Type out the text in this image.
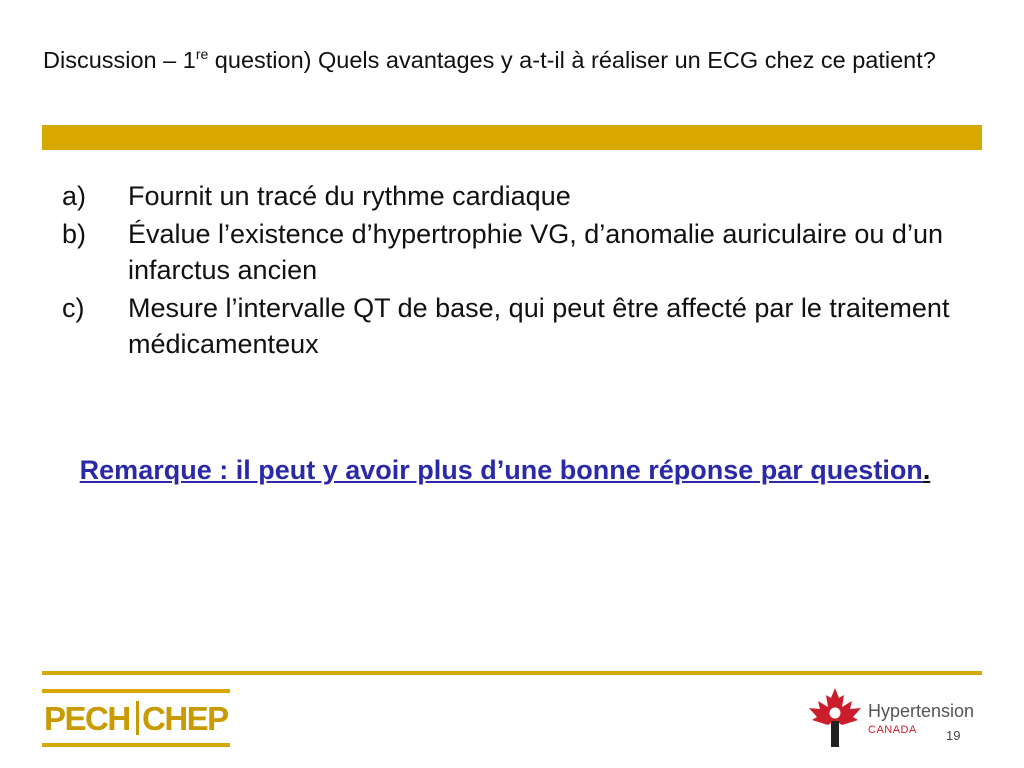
Discussion – 1re question) Quels avantages y a-t-il à réaliser un ECG chez ce patient?
a) Fournit un tracé du rythme cardiaque
b) Évalue l’existence d’hypertrophie VG, d’anomalie auriculaire ou d’un infarctus ancien
c) Mesure l’intervalle QT de base, qui peut être affecté par le traitement médicamenteux
Remarque : il peut y avoir plus d’une bonne réponse par question.
PECH CHEP	Hypertension
CANADA 19
